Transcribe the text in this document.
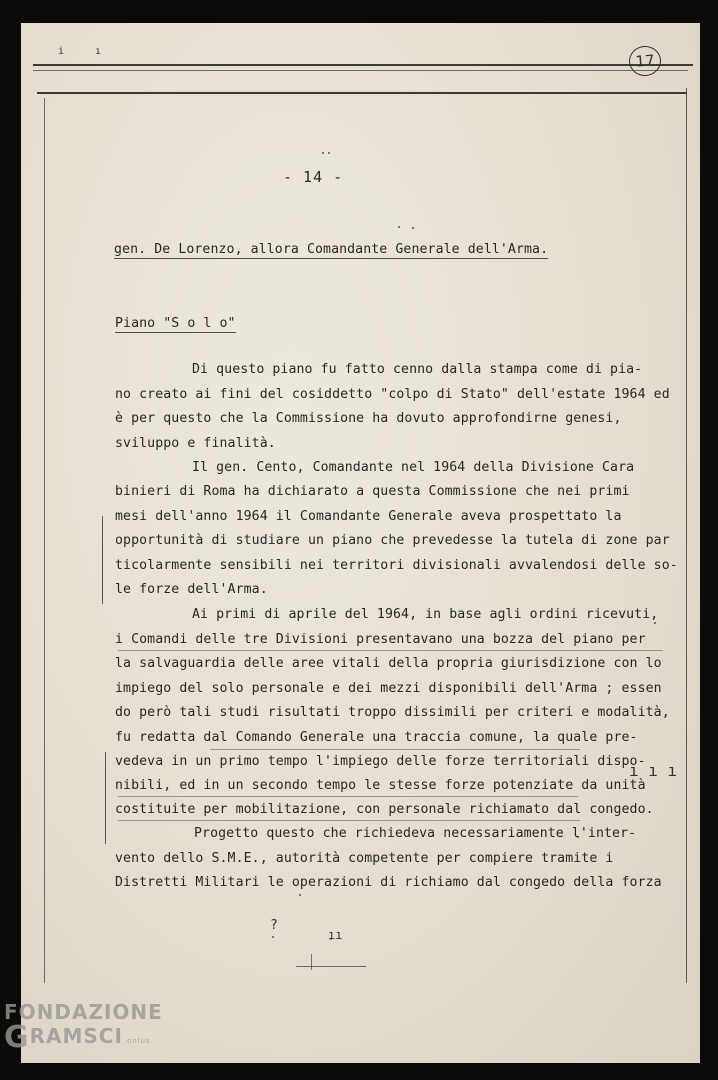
i	ı	17
- 14 -
?
ıı
ı ı ı
gen. De Lorenzo, allora Comandante Generale dell'Arma.
Piano "S o l o"
Di questo piano fu fatto cenno dalla stampa come di pia-
no creato ai fini del cosiddetto "colpo di Stato" dell'estate 1964 ed
è per questo che la Commissione ha dovuto approfondirne genesi,
sviluppo e finalità.
Il gen. Cento, Comandante nel 1964 della Divisione Cara
binieri di Roma ha dichiarato a questa Commissione che nei primi
mesi dell'anno 1964 il Comandante Generale aveva prospettato la
opportunità di studiare un piano che prevedesse la tutela di zone par
ticolarmente sensibili nei territori divisionali avvalendosi delle so-
le forze dell'Arma.
Ai primi di aprile del 1964, in base agli ordini ricevuti,
i Comandi delle tre Divisioni presentavano una bozza del piano per
la salvaguardia delle aree vitali della propria giurisdizione con lo
impiego del solo personale e dei mezzi disponibili dell'Arma ; essen
do però tali studi risultati troppo dissimili per criteri e modalità,
fu redatta dal Comando Generale una traccia comune, la quale pre-
vedeva in un primo tempo l'impiego delle forze territoriali dispo-
nibili, ed in un secondo tempo le stesse forze potenziate da unità
costituite per mobilitazione, con personale richiamato dal congedo.
Progetto questo che richiedeva necessariamente l'inter-
vento dello S.M.E., autorità competente per compiere tramite i
Distretti Militari le operazioni di richiamo dal congedo della forza
FONDAZIONE
GRAMSCI onlus
